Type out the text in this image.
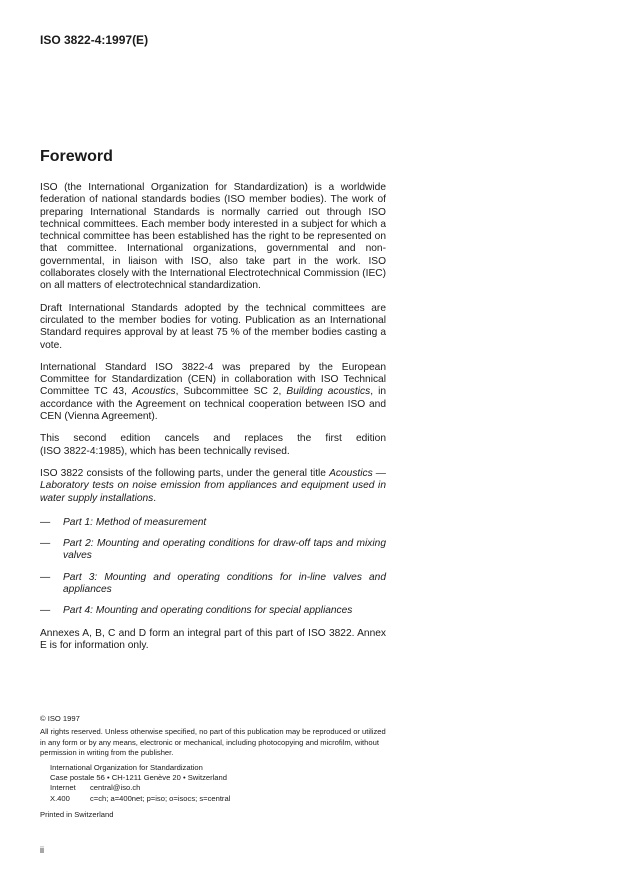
ISO 3822-4:1997(E)
Foreword

ISO (the International Organization for Standardization) is a worldwide federation of national standards bodies (ISO member bodies). The work of preparing International Standards is normally carried out through ISO technical committees. Each member body interested in a subject for which a technical committee has been established has the right to be represented on that committee. International organizations, governmental and non-governmental, in liaison with ISO, also take part in the work. ISO collaborates closely with the International Electrotechnical Commission (IEC) on all matters of electrotechnical standardization.

Draft International Standards adopted by the technical committees are circulated to the member bodies for voting. Publication as an International Standard requires approval by at least 75 % of the member bodies casting a vote.

International Standard ISO 3822-4 was prepared by the European Committee for Standardization (CEN) in collaboration with ISO Technical Committee TC 43, Acoustics, Subcommittee SC 2, Building acoustics, in accordance with the Agreement on technical cooperation between ISO and CEN (Vienna Agreement).

This second edition cancels and replaces the first edition

(ISO 3822-4:1985), which has been technically revised.

ISO 3822 consists of the following parts, under the general title Acoustics — Laboratory tests on noise emission from appliances and equipment used in water supply installations.

—	Part 1: Method of measurement
—	Part 2: Mounting and operating conditions for draw-off taps and mixing valves
—	Part 3: Mounting and operating conditions for in-line valves and appliances
—	Part 4: Mounting and operating conditions for special appliances

Annexes A, B, C and D form an integral part of this part of ISO 3822. Annex E is for information only.

© ISO 1997

All rights reserved. Unless otherwise specified, no part of this publication may be reproduced or utilized in any form or by any means, electronic or mechanical, including photocopying and microfilm, without permission in writing from the publisher.

International Organization for Standardization
Case postale 56 • CH-1211 Genève 20 • Switzerland
Internet	central@iso.ch
X.400	c=ch; a=400net; p=iso; o=isocs; s=central

Printed in Switzerland

ii
